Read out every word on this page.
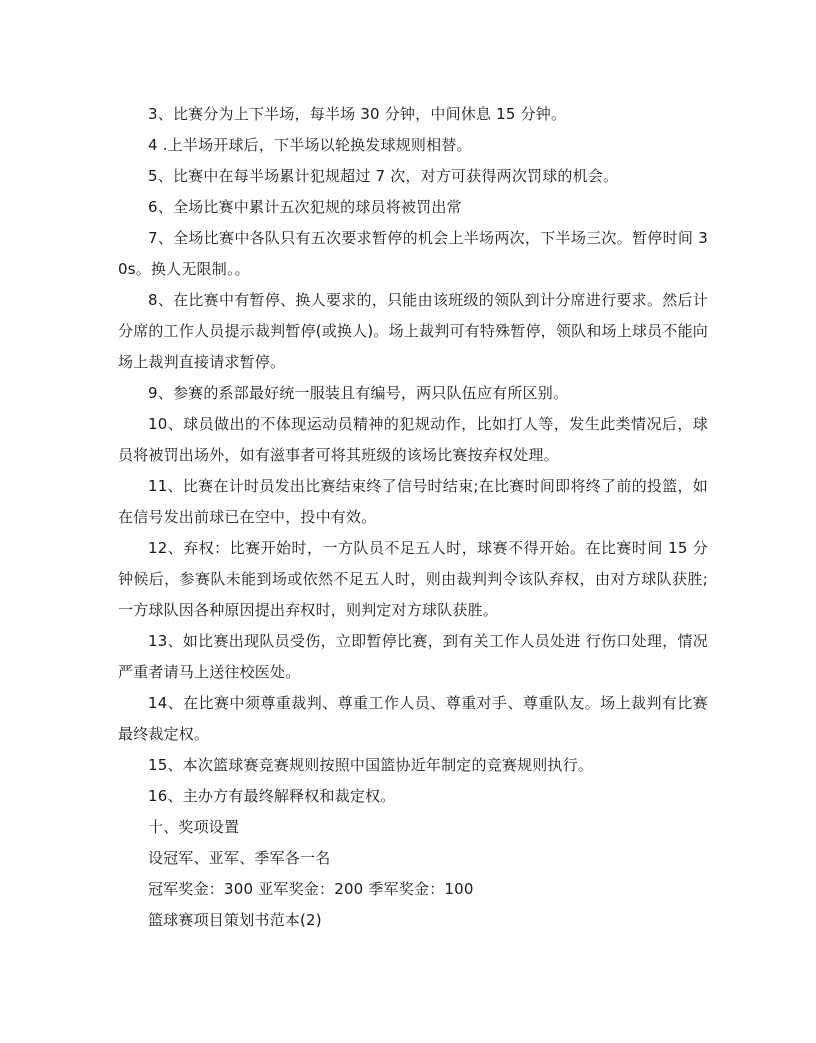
3、比赛分为上下半场，每半场 30 分钟，中间休息 15 分钟。

4 .上半场开球后，下半场以轮换发球规则相替。

5、比赛中在每半场累计犯规超过 7 次，对方可获得两次罚球的机会。

6、全场比赛中累计五次犯规的球员将被罚出常

7、全场比赛中各队只有五次要求暂停的机会上半场两次，下半场三次。暂停时间 30s。换人无限制。。

8、在比赛中有暂停、换人要求的，只能由该班级的领队到计分席进行要求。然后计分席的工作人员提示裁判暂停(或换人)。场上裁判可有特殊暂停，领队和场上球员不能向场上裁判直接请求暂停。

9、参赛的系部最好统一服装且有编号，两只队伍应有所区别。

10、球员做出的不体现运动员精神的犯规动作，比如打人等，发生此类情况后，球员将被罚出场外，如有滋事者可将其班级的该场比赛按弃权处理。

11、比赛在计时员发出比赛结束终了信号时结束;在比赛时间即将终了前的投篮，如在信号发出前球已在空中，投中有效。

12、弃权：比赛开始时，一方队员不足五人时，球赛不得开始。在比赛时间 15 分钟候后，参赛队未能到场或依然不足五人时，则由裁判判令该队弃权，由对方球队获胜;一方球队因各种原因提出弃权时，则判定对方球队获胜。

13、如比赛出现队员受伤，立即暂停比赛，到有关工作人员处进 行伤口处理，情况严重者请马上送往校医处。

14、在比赛中须尊重裁判、尊重工作人员、尊重对手、尊重队友。场上裁判有比赛最终裁定权。

15、本次篮球赛竞赛规则按照中国篮协近年制定的竞赛规则执行。

16、主办方有最终解释权和裁定权。

十、奖项设置

设冠军、亚军、季军各一名

冠军奖金：300 亚军奖金：200 季军奖金：100

篮球赛项目策划书范本(2)
